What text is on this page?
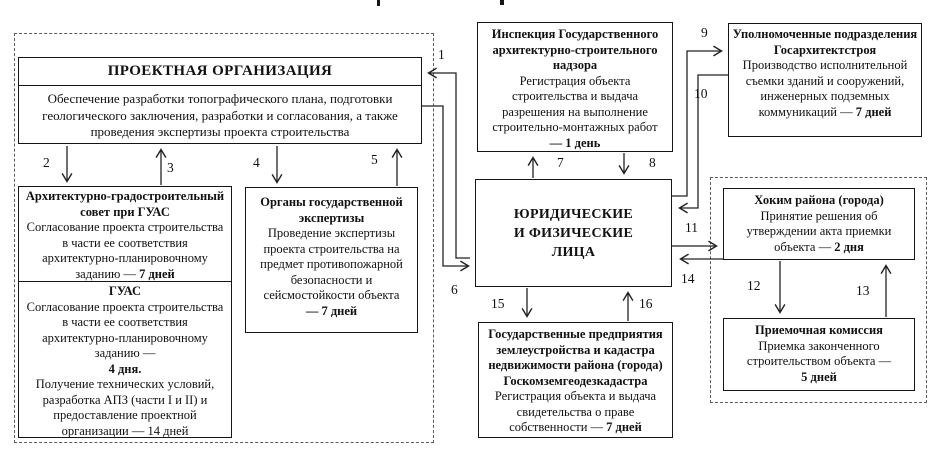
ПРОЕКТНАЯ ОРГАНИЗАЦИЯ
Обеспечение разработки топографического плана, подготовки геологического заключения, разработки и согласования, а также проведения экспертизы проекта строительства
Архитектурно-градостроительный совет при ГУАС
Согласование проекта строительства в части ее соответствия архитектурно-планировочному заданию — 7 дней
ГУАС
Согласование проекта строительства в части ее соответствия архитектурно-планировочному заданию —
4 дня.
Получение технических условий, разработка АПЗ (части I и II) и предоставление проектной организации — 14 дней
Органы государственной экспертизы
Проведение экспертизы проекта строительства на предмет противопожарной безопасности и сейсмостойкости объекта
— 7 дней
Инспекция Государственного архитектурно-строительного надзора
Регистрация объекта строительства и выдача разрешения на выполнение строительно-монтажных работ
— 1 день
ЮРИДИЧЕСКИЕ
И ФИЗИЧЕСКИЕ
ЛИЦА
Государственные предприятия землеустройства и кадастра недвижимости района (города) Госкомземгеодезкадастра
Регистрация объекта и выдача свидетельства о праве собственности — 7 дней
Уполномоченные подразделения Госархитектстроя
Производство исполнительной съемки зданий и сооружений, инженерных подземных коммуникаций — 7 дней
Хоким района (города)
Принятие решения об утверждении акта приемки объекта — 2 дня
Приемочная комиссия
Приемка законченного строительством объекта —
5 дней
1
2	3	4	5
6
7	8
9
10
11
12	13
14
15	16
